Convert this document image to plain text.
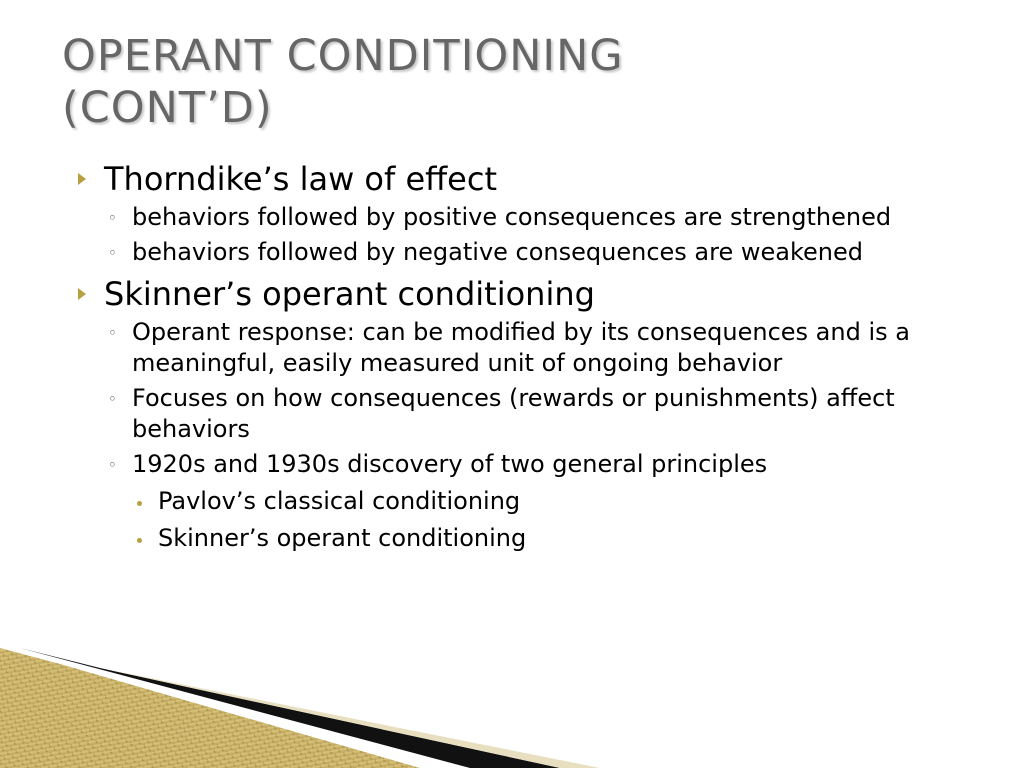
OPERANT CONDITIONING
(CONT’D)
Thorndike’s law of effect
◦ behaviors followed by positive consequences are strengthened
◦ behaviors followed by negative consequences are weakened
Skinner’s operant conditioning
◦ Operant response: can be modified by its consequences and is a meaningful, easily measured unit of ongoing behavior
◦ Focuses on how consequences (rewards or punishments) affect behaviors
◦ 1920s and 1930s discovery of two general principles
Pavlov’s classical conditioning
Skinner’s operant conditioning
